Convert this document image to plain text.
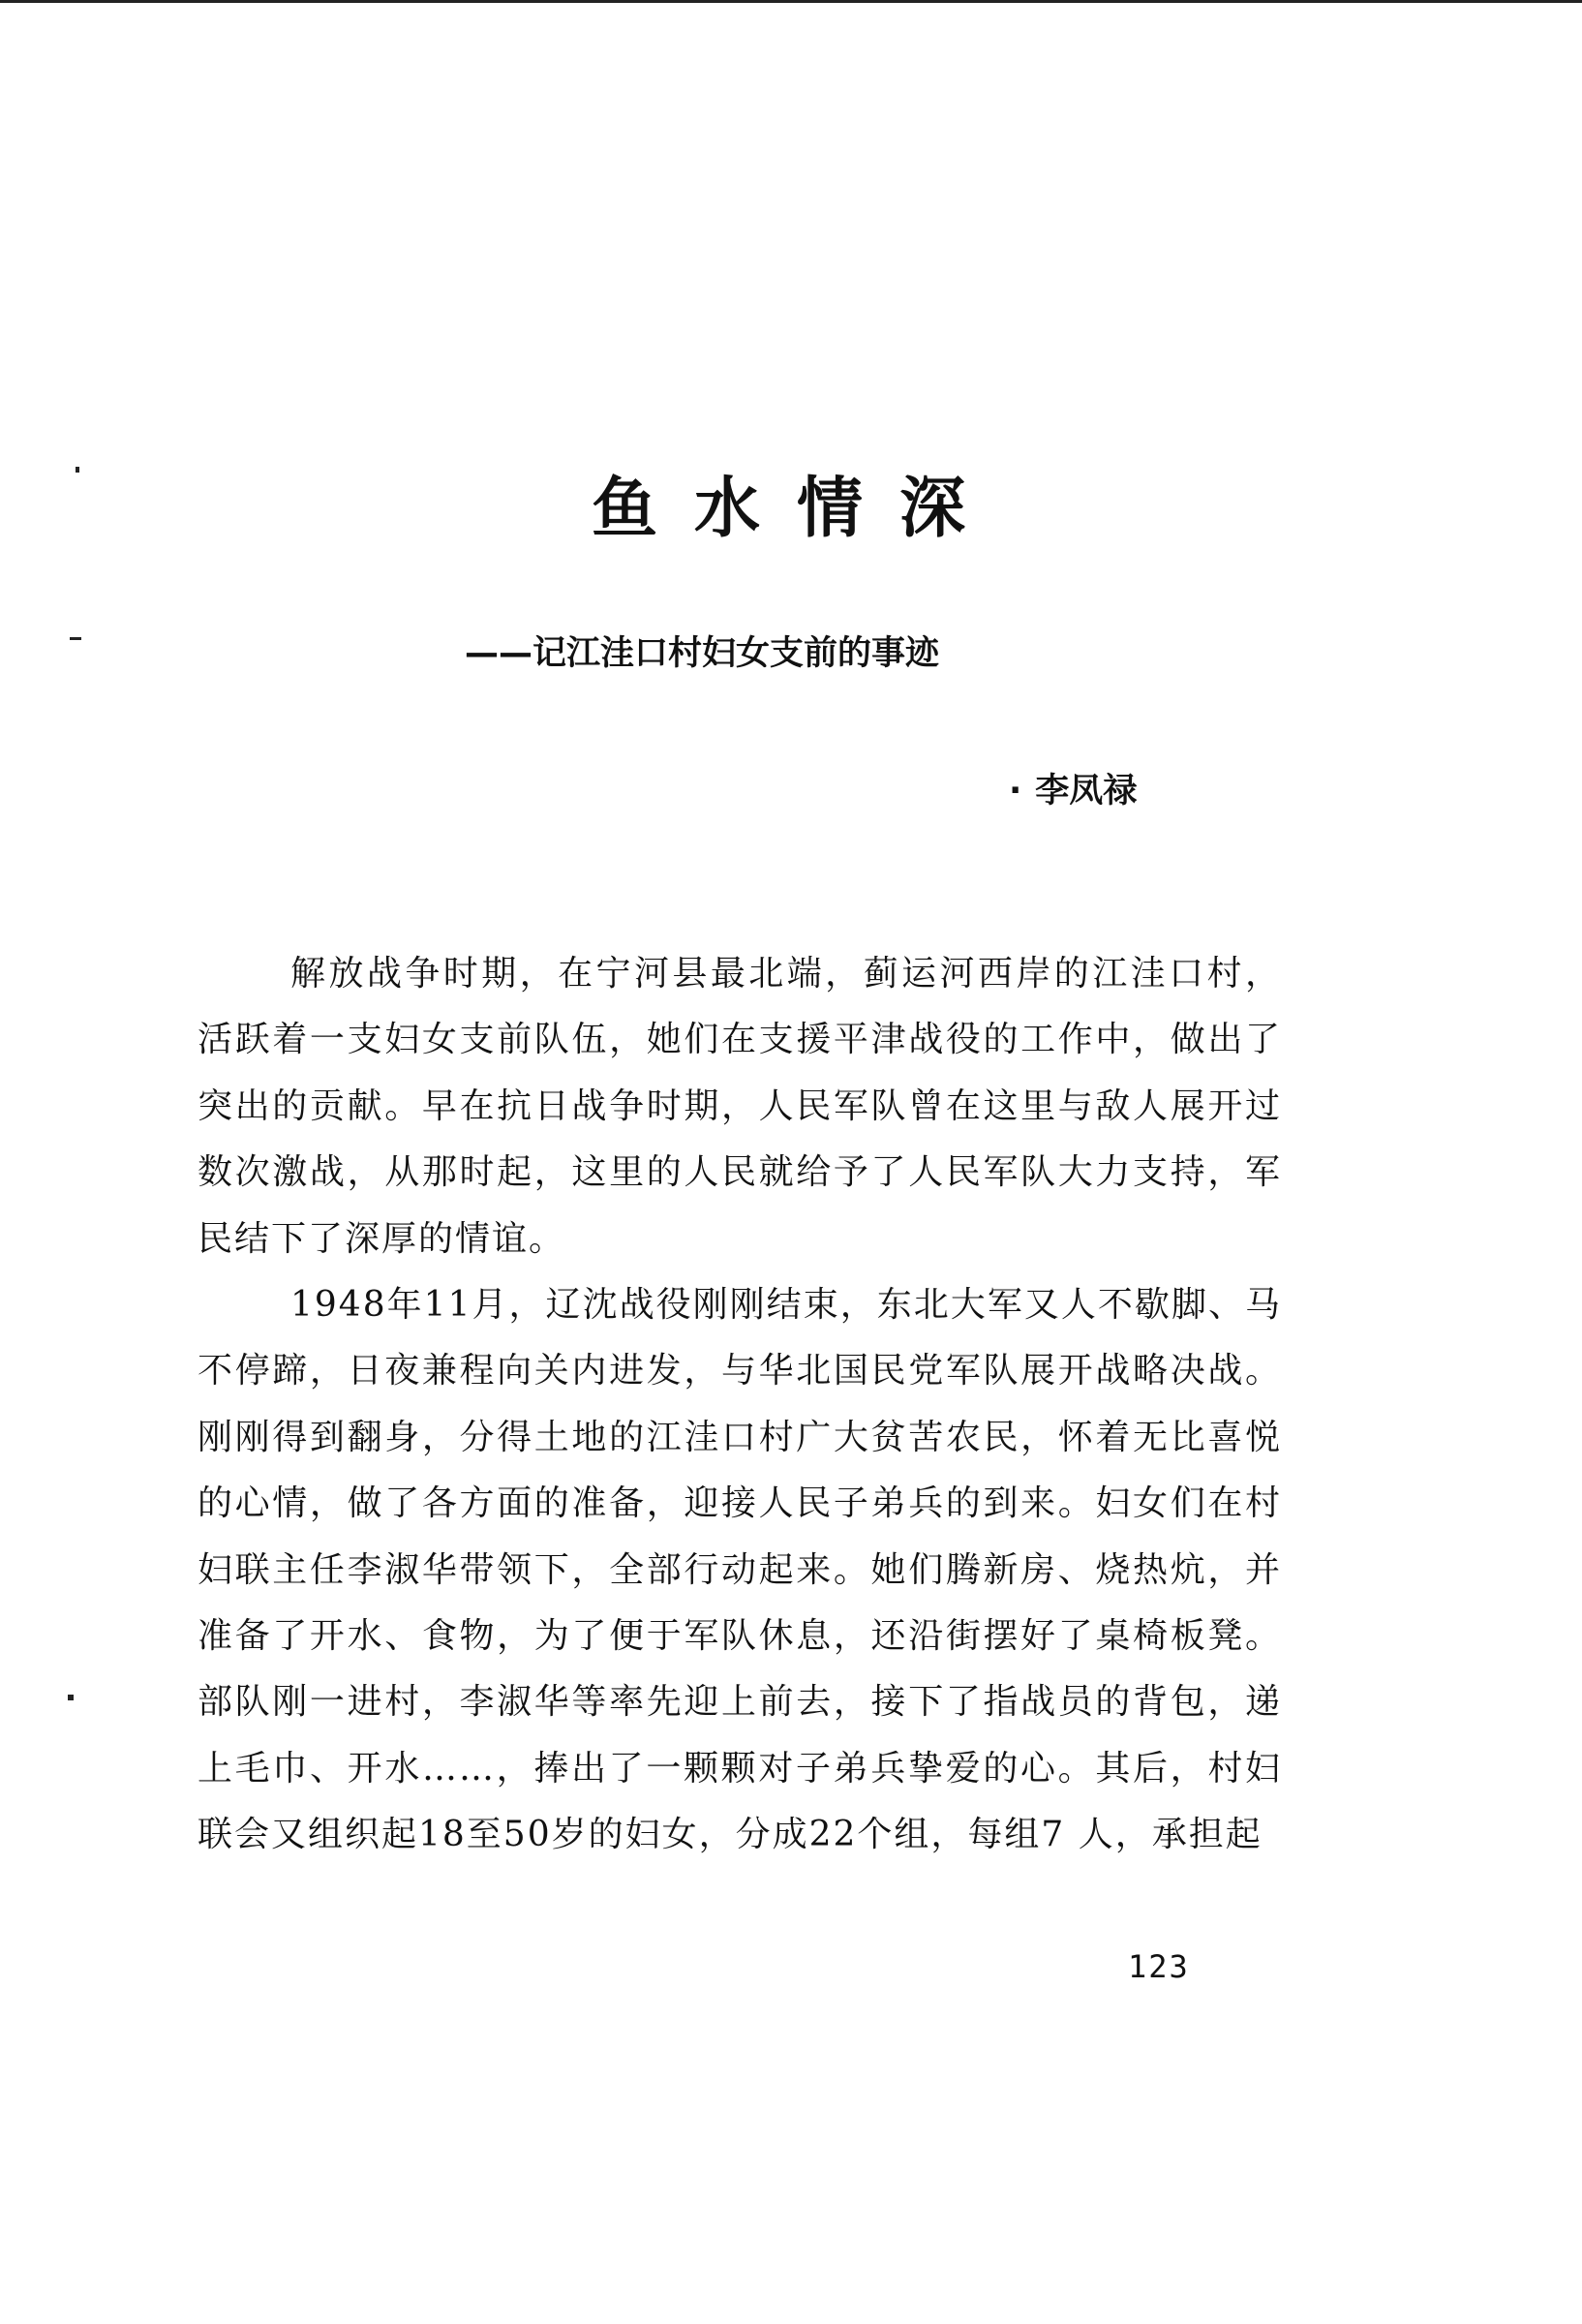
鱼水情深
——记江洼口村妇女支前的事迹
· 李凤禄

解放战争时期，在宁河县最北端，蓟运河西岸的江洼口村，活跃着一支妇女支前队伍，她们在支援平津战役的工作中，做出了突出的贡献。早在抗日战争时期，人民军队曾在这里与敌人展开过数次激战，从那时起，这里的人民就给予了人民军队大力支持，军民结下了深厚的情谊。

1948年11月，辽沈战役刚刚结束，东北大军又人不歇脚、马不停蹄，日夜兼程向关内进发，与华北国民党军队展开战略决战。刚刚得到翻身，分得土地的江洼口村广大贫苦农民，怀着无比喜悦的心情，做了各方面的准备，迎接人民子弟兵的到来。妇女们在村妇联主任李淑华带领下，全部行动起来。她们腾新房、烧热炕，并准备了开水、食物，为了便于军队休息，还沿街摆好了桌椅板凳。部队刚一进村，李淑华等率先迎上前去，接下了指战员的背包，递上毛巾、开水……，捧出了一颗颗对子弟兵挚爱的心。其后，村妇联会又组织起18至50岁的妇女，分成22个组，每组7 人，承担起

123
